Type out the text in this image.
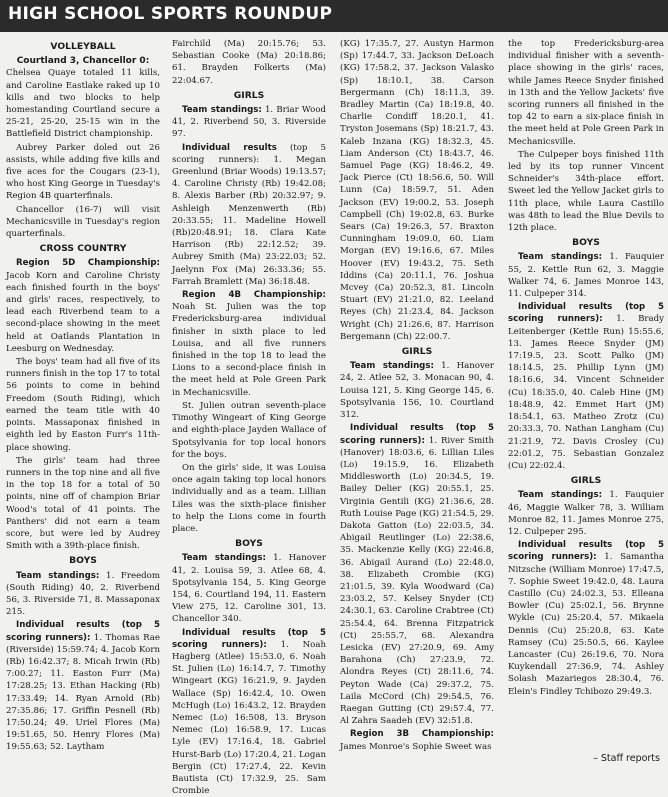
HIGH SCHOOL SPORTS ROUNDUP
VOLLEYBALL
Courtland 3, Chancellor 0:

Chelsea Quaye totaled 11 kills, and Caroline Eastlake raked up 10 kills and two blocks to help homestanding Courtland secure a 25-21, 25-20, 25-15 win in the Battlefield District championship.

Aubrey Parker doled out 26 assists, while adding five kills and five aces for the Cougars (23-1), who host King George in Tuesday's Region 4B quarterfinals.

Chancellor (16-7) will visit Mechanicsville in Tuesday's region quarterfinals.

CROSS COUNTRY

Region 5D Championship: Jacob Korn and Caroline Christy each finished fourth in the boys' and girls' races, respectively, to lead each Riverbend team to a second-place showing in the meet held at Oatlands Plantation in Leesburg on Wednesday.

The boys' team had all five of its runners finish in the top 17 to total 56 points to come in behind Freedom (South Riding), which earned the team title with 40 points. Massaponax finished in eighth led by Easton Furr's 11th-place showing.

The girls' team had three runners in the top nine and all five in the top 18 for a total of 50 points, nine off of champion Briar Wood's total of 41 points. The Panthers' did not earn a team score, but were led by Audrey Smith with a 39th-place finish.

BOYS

Team standings: 1. Freedom (South Riding) 40, 2. Riverbend 56, 3. Riverside 71, 8. Massaponax 215.

Individual results (top 5 scoring runners): 1. Thomas Rae (Riverside) 15:59.74; 4. Jacob Korn (Rb) 16:42.37; 8. Micah Irwin (Rb) 7:00.27; 11. Easton Furr (Ma) 17:28.25; 13. Ethan Hacking (Rb) 17:33.49; 14. Ryan Arnold (Rb) 27:35.86; 17. Griffin Pesnell (Rb) 17:50.24; 49. Uriel Flores (Ma) 19:51.65, 50. Henry Flores (Ma) 19:55.63; 52. Laytham

Fairchild (Ma) 20:15.76; 53. Sebastian Cooke (Ma) 20:18.86; 61. Brayden Folkerts (Ma) 22:04.67.

GIRLS

Team standings: 1. Briar Wood 41, 2. Riverbend 50, 3. Riverside 97.

Individual results (top 5 scoring runners): 1. Megan Greenlund (Briar Woods) 19:13.57; 4. Caroline Christy (Rb) 19:42.08; 8. Alexis Barber (Rb) 20:32.97; 9. Ashleigh Menzenwerth (Rb) 20:33.55; 11. Madeline Howell (Rb)20:48.91; 18. Clara Kate Harrison (Rb) 22:12.52; 39. Aubrey Smith (Ma) 23:22.03; 52. Jaelynn Fox (Ma) 26:33.36; 55. Farrah Bramlett (Ma) 36:18.48.

Region 4B Championship: Noah St. Julien was the top Fredericksburg-area individual finisher in sixth place to led Louisa, and all five runners finished in the top 18 to lead the Lions to a second-place finish in the meet held at Pole Green Park in Mechanicsville.

St. Julien outran seventh-place Timothy Wingeart of King George and eighth-place Jayden Wallace of Spotsylvania for top local honors for the boys.

On the girls' side, it was Louisa once again taking top local honors individually and as a team. Lillian Liles was the sixth-place finisher to help the Lions come in fourth place.

BOYS

Team standings: 1. Hanover 41, 2. Louisa 59, 3. Atlee 68, 4. Spotsylvania 154, 5. King George 154, 6. Courtland 194, 11. Eastern View 275, 12. Caroline 301, 13. Chancellor 340.

Individual results (top 5 scoring runners): 1. Noah Hagberg (Atlee) 15:53.0, 6. Noah St. Julien (Lo) 16:14.7, 7. Timothy Wingeart (KG) 16:21.9, 9. Jayden Wallace (Sp) 16:42.4, 10. Owen McHugh (Lo) 16:43.2, 12. Brayden Nemec (Lo) 16:508, 13. Bryson Nemec (Lo) 16:58.9, 17. Lucas Lyle (EV) 17:16.4, 18. Gabriel Hurst-Barb (Lo) 17:20.4, 21. Logan Bergin (Ct) 17:27.4, 22. Kevin Bautista (Ct) 17:32.9, 25. Sam Crombie

(KG) 17:35.7, 27. Austyn Harmon (Sp) 17:44.7, 33. Jackson DeLoach (KG) 17:58.2, 37. Jackson Valasko (Sp) 18:10.1, 38. Carson Bergermann (Ch) 18:11.3, 39. Bradley Martin (Ca) 18:19.8, 40. Charlie Condiff 18:20.1, 41. Tryston Josemans (Sp) 18:21.7, 43. Kaleb Inzana (KG) 18:32.3, 45. Liam Anderson (Ct) 18:43.7, 46. Samuel Page (KG) 18:46.2, 49. Jack Pierce (Ct) 18:56.6, 50. Will Lunn (Ca) 18:59.7, 51. Aden Jackson (EV) 19:00.2, 53. Joseph Campbell (Ch) 19:02.8, 63. Burke Sears (Ca) 19:26.3, 57. Braxton Cunningham 19:09.0, 60. Liam Morgan (EV) 19:16.6, 67. Miles Hoover (EV) 19:43.2, 75. Seth Iddins (Ca) 20:11.1, 76. Joshua Mcvey (Ca) 20:52.3, 81. Lincoln Stuart (EV) 21:21.0, 82. Leeland Reyes (Ch) 21:23.4, 84. Jackson Wright (Ch) 21:26.6, 87. Harrison Bergemann (Ch) 22:00.7.

GIRLS

Team standings: 1. Hanover 24, 2. Atlee 52, 3. Monacan 90, 4. Louisa 121, 5. King George 145, 6. Spotsylvania 156, 10. Courtland 312.

Individual results (top 5 scoring runners): 1. River Smith (Hanover) 18:03.6, 6. Lillian Liles (Lo) 19:15.9, 16. Elizabeth Middlesworth (Lo) 20:34.5, 19. Bailey Delier (KG) 20:55.1, 25. Virginia Gentili (KG) 21:36.6, 28. Ruth Louise Page (KG) 21:54.5, 29. Dakota Gatton (Lo) 22:03.5, 34. Abigail Reutlinger (Lo) 22:38.6, 35. Mackenzie Kelly (KG) 22:46.8, 36. Abigail Aurand (Lo) 22:48.0, 38. Elizabeth Crombie (KG) 21:01.5, 39. Kyla Woodward (Ca) 23:03.2, 57. Kelsey Snyder (Ct) 24:30.1, 63. Caroline Crabtree (Ct) 25:54.4, 64. Brenna Fitzpatrick (Ct) 25:55.7, 68. Alexandra Lesicka (EV) 27:20.9, 69. Amy Barahona (Ch) 27:23.9, 72. Alondra Reyes (Ct) 28:11.6, 74. Peyton Wade (Ca) 29:37.2, 75. Laila McCord (Ch) 29:54.5, 76. Raegan Gutting (Ct) 29:57.4, 77. Al Zahra Saadeh (EV) 32:51.8.

Region 3B Championship: James Monroe's Sophie Sweet was

the top Fredericksburg-area individual finisher with a seventh-place showing in the girls' races, while James Reece Snyder finished in 13th and the Yellow Jackets' five scoring runners all finished in the top 42 to earn a six-place finish in the meet held at Pole Green Park in Mechanicsville.

The Culpeper boys finished 11th led by its top runner Vincent Schneider's 34th-place effort. Sweet led the Yellow Jacket girls to 11th place, while Laura Castillo was 48th to lead the Blue Devils to 12th place.

BOYS

Team standings: 1. Fauquier 55, 2. Kettle Run 62, 3. Maggie Walker 74, 6. James Monroe 143, 11. Culpeper 314.

Individual results (top 5 scoring runners): 1. Brady Leitenberger (Kettle Run) 15:55.6, 13. James Reece Snyder (JM) 17:19.5, 23. Scott Palko (JM) 18:14.5, 25. Phillip Lynn (JM) 18:16.6, 34. Vincent Schneider (Cu) 18:35.0, 40. Caleb Hine (JM) 18:48.9, 42. Emmet Hart (JM) 18:54.1, 63. Matheo Zrotz (Cu) 20:33.3, 70. Nathan Langham (Cu) 21:21.9, 72. Davis Crosley (Cu) 22:01.2, 75. Sebastian Gonzalez (Cu) 22:02.4.

GIRLS

Team standings: 1. Fauquier 46, Maggie Walker 78, 3. William Monroe 82, 11. James Monroe 275, 12. Culpeper 295.

Individual results (top 5 scoring runners): 1. Samantha Nitzsche (William Monroe) 17:47.5, 7. Sophie Sweet 19:42.0, 48. Laura Castillo (Cu) 24:02.3, 53. Elleana Bowler (Cu) 25:02.1, 56. Brynne Wykle (Cu) 25:20.4, 57. Mikaela Dennis (Cu) 25:20.8, 63. Kate Ramsey (Cu) 25:50.5, 66. Kaylee Lancaster (Cu) 26:19.6, 70. Nora Kuykendall 27:36.9, 74. Ashley Solash Mazariegos 28:30.4, 76. Elein's Findley Tchibozo 29:49.3.

– Staff reports
